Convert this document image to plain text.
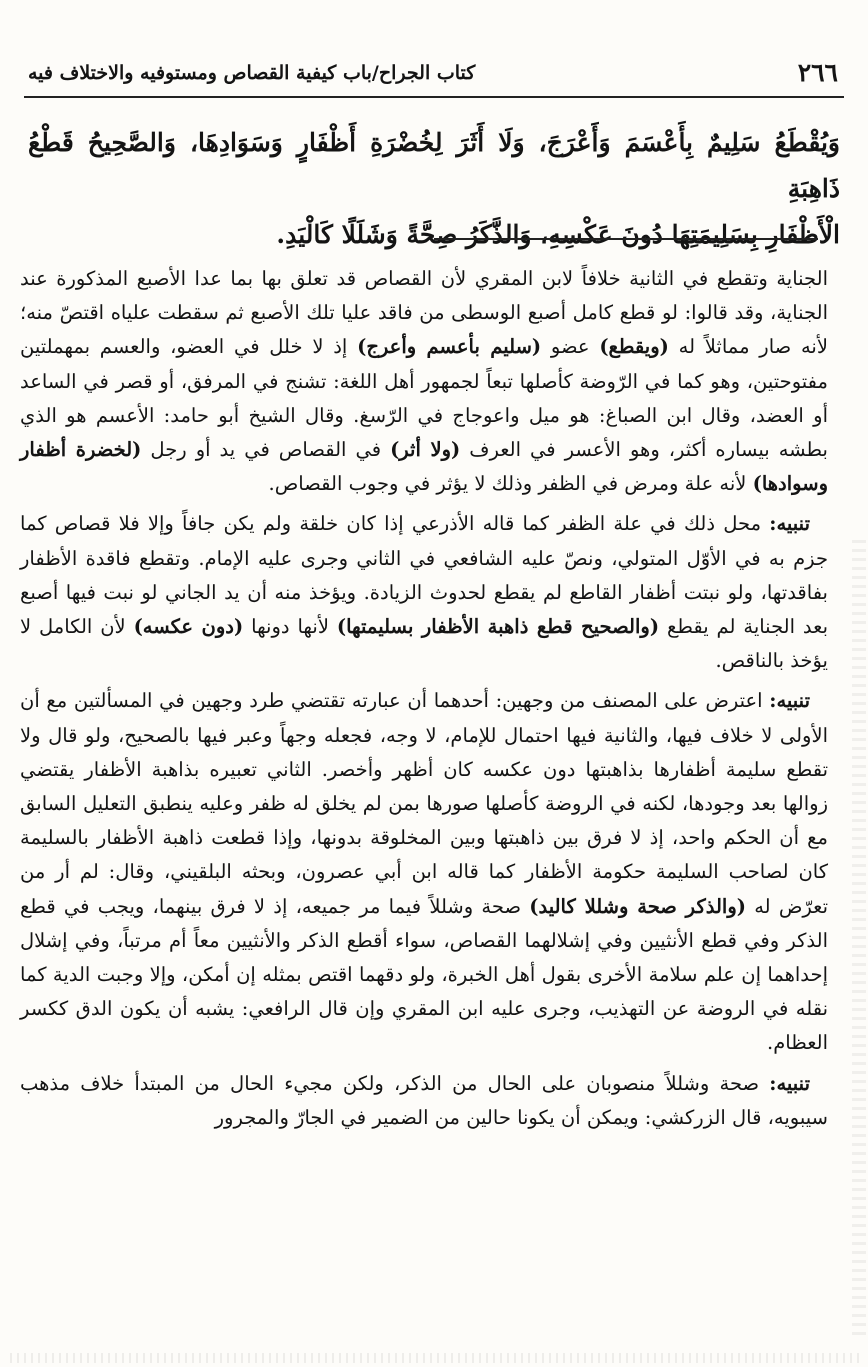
٢٦٦
كتاب الجراح/باب كيفية القصاص ومستوفيه والاختلاف فيه

وَيُقْطَعُ سَلِيمٌ بِأَعْسَمَ وَأَعْرَجَ، وَلَا أَثَرَ لِخُضْرَةِ أَظْفَارٍ وَسَوَادِهَا، وَالصَّحِيحُ قَطْعُ ذَاهِبَةِ

الْأَظْفَارِ بِسَلِيمَتِهَا دُونَ عَكْسِهِ، وَالذَّكَرُ صِحَّةً وَشَلَلًا كَالْيَدِ.

الجناية وتقطع في الثانية خلافاً لابن المقري لأن القصاص قد تعلق بها بما عدا الأصبع المذكورة عند الجناية، وقد قالوا: لو قطع كامل أصبع الوسطى من فاقد عليا تلك الأصبع ثم سقطت علياه اقتصّ منه؛ لأنه صار مماثلاً له (ويقطع) عضو (سليم بأعسم وأعرج) إذ لا خلل في العضو، والعسم بمهملتين مفتوحتين، وهو كما في الرّوضة كأصلها تبعاً لجمهور أهل اللغة: تشنج في المرفق، أو قصر في الساعد أو العضد، وقال ابن الصباغ: هو ميل واعوجاج في الرّسغ. وقال الشيخ أبو حامد: الأعسم هو الذي بطشه بيساره أكثر، وهو الأعسر في العرف (ولا أثر) في القصاص في يد أو رجل (لخضرة أظفار وسوادها) لأنه علة ومرض في الظفر وذلك لا يؤثر في وجوب القصاص.

تنبيه: محل ذلك في علة الظفر كما قاله الأذرعي إذا كان خلقة ولم يكن جافاً وإلا فلا قصاص كما جزم به في الأوّل المتولي، ونصّ عليه الشافعي في الثاني وجرى عليه الإمام. وتقطع فاقدة الأظفار بفاقدتها، ولو نبتت أظفار القاطع لم يقطع لحدوث الزيادة. ويؤخذ منه أن يد الجاني لو نبت فيها أصبع بعد الجناية لم يقطع (والصحيح قطع ذاهبة الأظفار بسليمتها) لأنها دونها (دون عكسه) لأن الكامل لا يؤخذ بالناقص.

تنبيه: اعترض على المصنف من وجهين: أحدهما أن عبارته تقتضي طرد وجهين في المسألتين مع أن الأولى لا خلاف فيها، والثانية فيها احتمال للإمام، لا وجه، فجعله وجهاً وعبر فيها بالصحيح، ولو قال ولا تقطع سليمة أظفارها بذاهبتها دون عكسه كان أظهر وأخصر. الثاني تعبيره بذاهبة الأظفار يقتضي زوالها بعد وجودها، لكنه في الروضة كأصلها صورها بمن لم يخلق له ظفر وعليه ينطبق التعليل السابق مع أن الحكم واحد، إذ لا فرق بين ذاهبتها وبين المخلوقة بدونها، وإذا قطعت ذاهبة الأظفار بالسليمة كان لصاحب السليمة حكومة الأظفار كما قاله ابن أبي عصرون، وبحثه البلقيني، وقال: لم أر من تعرّض له (والذكر صحة وشللا كاليد) صحة وشللاً فيما مر جميعه، إذ لا فرق بينهما، ويجب في قطع الذكر وفي قطع الأنثيين وفي إشلالهما القصاص، سواء أقطع الذكر والأنثيين معاً أم مرتباً، وفي إشلال إحداهما إن علم سلامة الأخرى بقول أهل الخبرة، ولو دقهما اقتص بمثله إن أمكن، وإلا وجبت الدية كما نقله في الروضة عن التهذيب، وجرى عليه ابن المقري وإن قال الرافعي: يشبه أن يكون الدق ككسر العظام.

تنبيه: صحة وشللاً منصوبان على الحال من الذكر، ولكن مجيء الحال من المبتدأ خلاف مذهب سيبويه، قال الزركشي: ويمكن أن يكونا حالين من الضمير في الجارّ والمجرور
